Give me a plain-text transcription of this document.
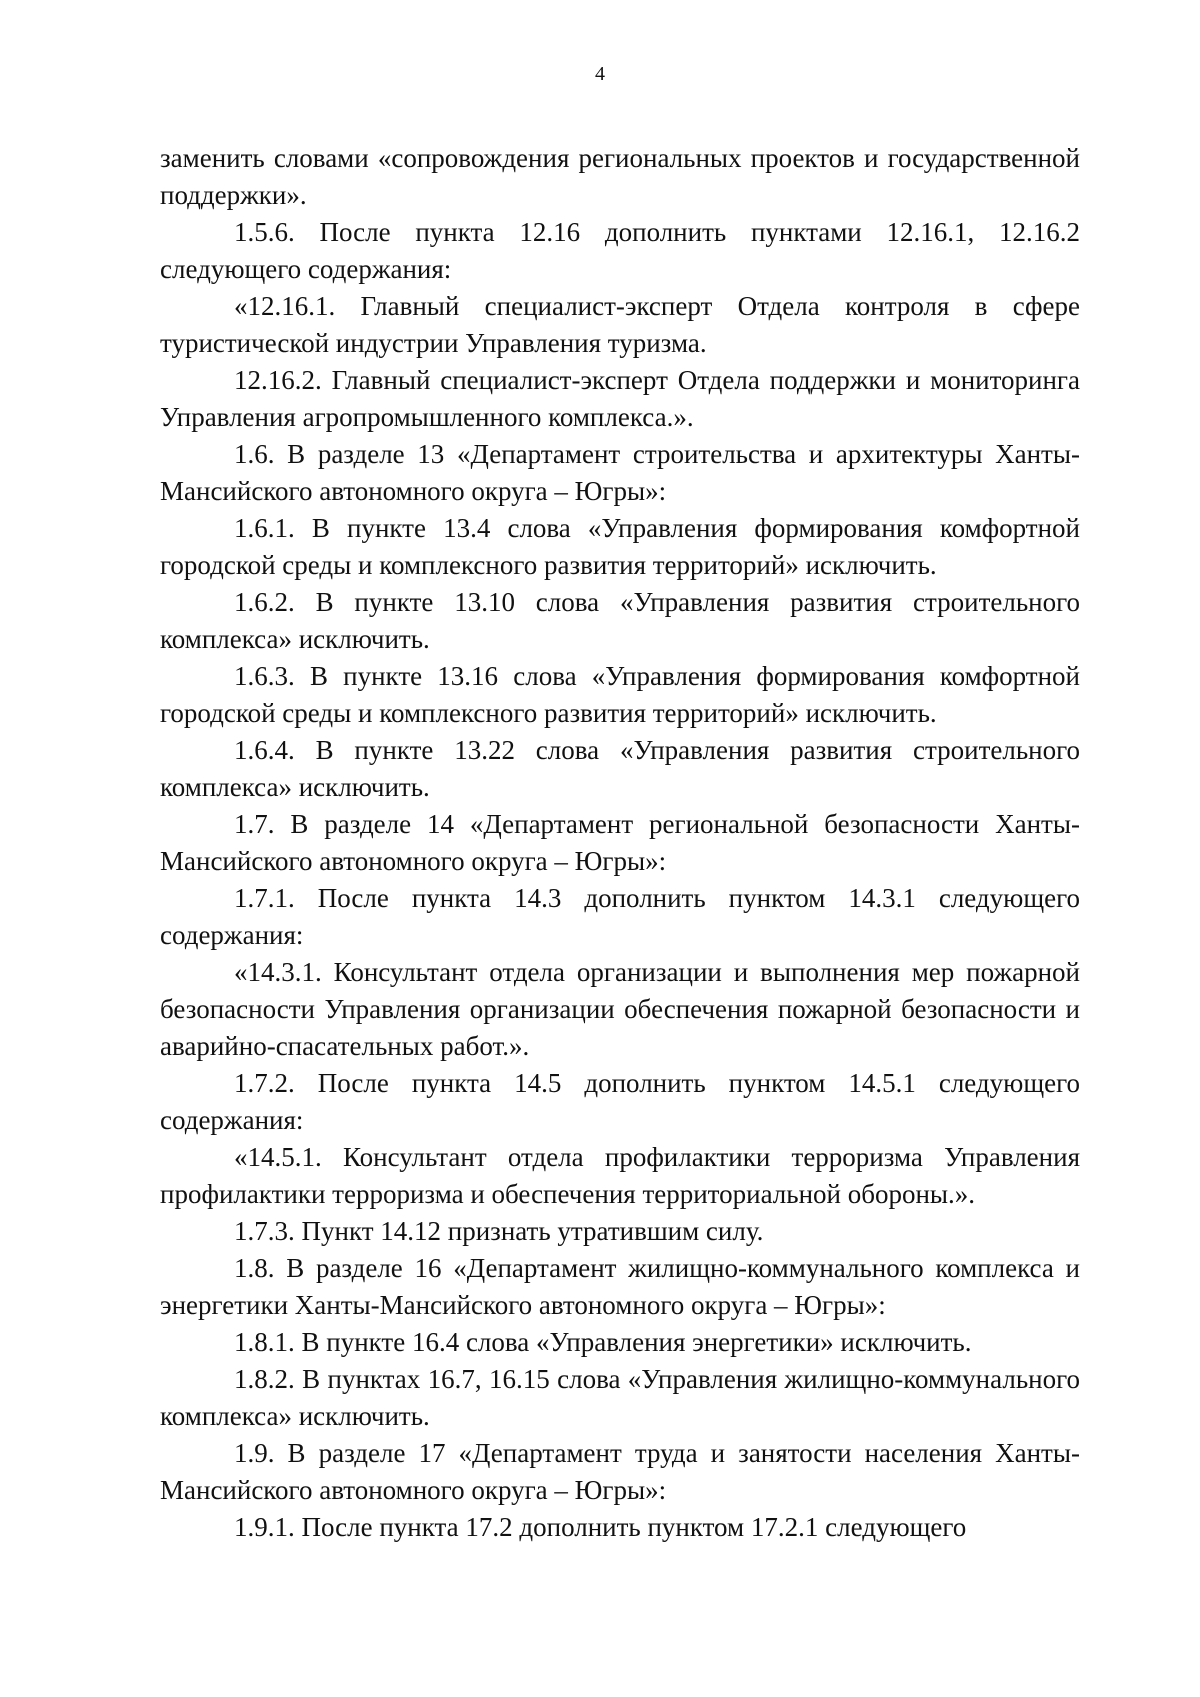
4

заменить словами «сопровождения региональных проектов и государственной поддержки».

1.5.6. После пункта 12.16 дополнить пунктами 12.16.1, 12.16.2 следующего содержания:

«12.16.1. Главный специалист-эксперт Отдела контроля в сфере туристической индустрии Управления туризма.

12.16.2. Главный специалист-эксперт Отдела поддержки и мониторинга Управления агропромышленного комплекса.».

1.6. В разделе 13 «Департамент строительства и архитектуры Ханты-Мансийского автономного округа – Югры»:

1.6.1. В пункте 13.4 слова «Управления формирования комфортной городской среды и комплексного развития территорий» исключить.

1.6.2. В пункте 13.10 слова «Управления развития строительного комплекса» исключить.

1.6.3. В пункте 13.16 слова «Управления формирования комфортной городской среды и комплексного развития территорий» исключить.

1.6.4. В пункте 13.22 слова «Управления развития строительного комплекса» исключить.

1.7. В разделе 14 «Департамент региональной безопасности Ханты-Мансийского автономного округа – Югры»:

1.7.1. После пункта 14.3 дополнить пунктом 14.3.1 следующего содержания:

«14.3.1. Консультант отдела организации и выполнения мер пожарной безопасности Управления организации обеспечения пожарной безопасности и аварийно-спасательных работ.».

1.7.2. После пункта 14.5 дополнить пунктом 14.5.1 следующего содержания:

«14.5.1. Консультант отдела профилактики терроризма Управления профилактики терроризма и обеспечения территориальной обороны.».

1.7.3. Пункт 14.12 признать утратившим силу.

1.8. В разделе 16 «Департамент жилищно-коммунального комплекса и энергетики Ханты-Мансийского автономного округа – Югры»:

1.8.1. В пункте 16.4 слова «Управления энергетики» исключить.

1.8.2. В пунктах 16.7, 16.15 слова «Управления жилищно-коммунального комплекса» исключить.

1.9. В разделе 17 «Департамент труда и занятости населения Ханты-Мансийского автономного округа – Югры»:

1.9.1. После пункта 17.2 дополнить пунктом 17.2.1 следующего
